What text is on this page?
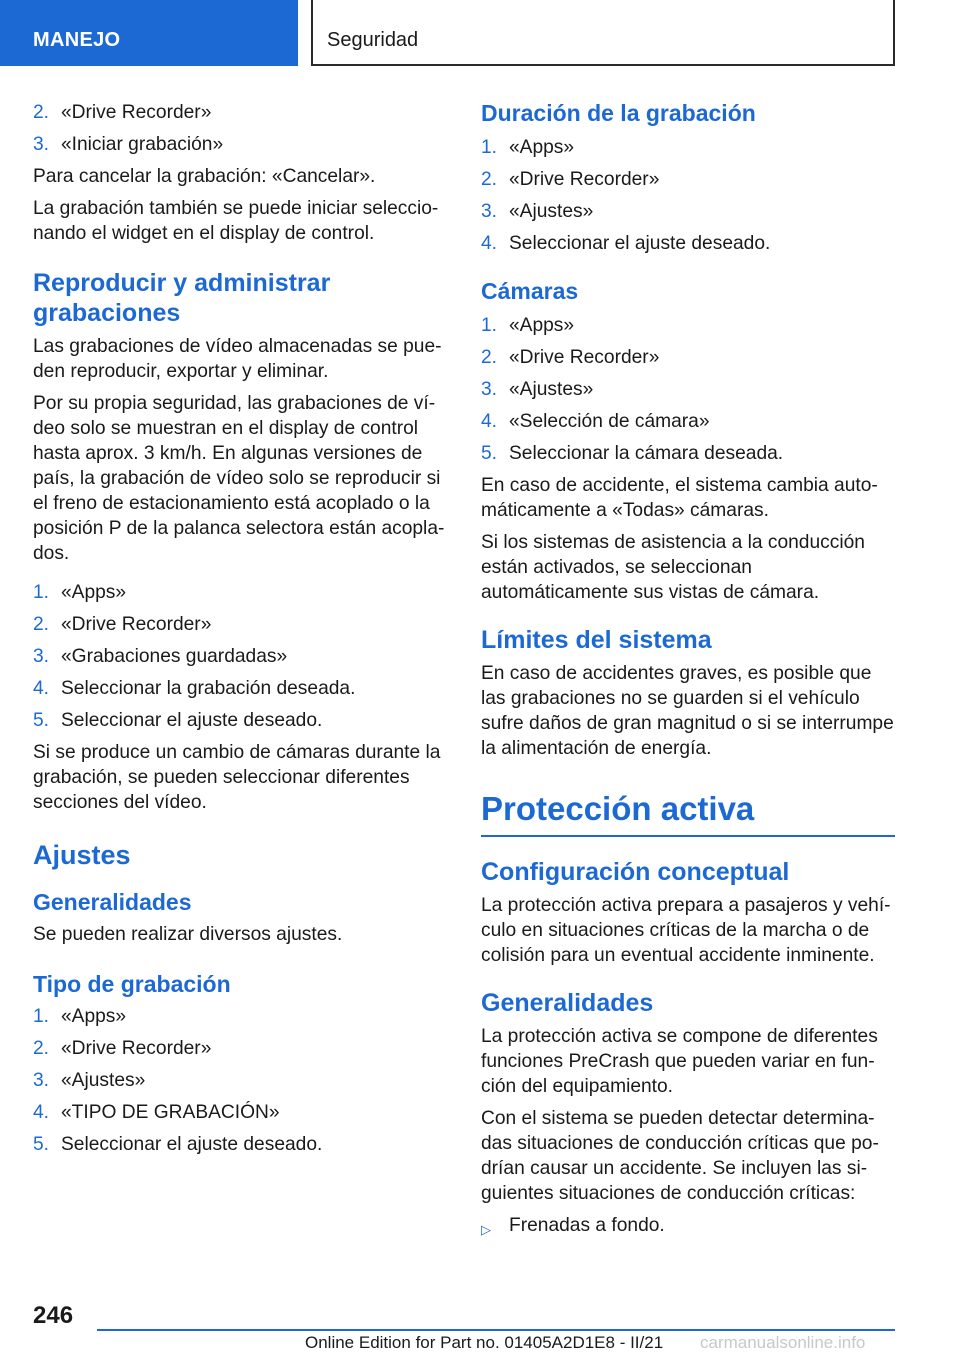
MANEJO	Seguridad
2. «Drive Recorder»
3. «Iniciar grabación»

Para cancelar la grabación: «Cancelar».

La grabación también se puede iniciar seleccionando el widget en el display de control.

Reproducir y administrar grabaciones

Las grabaciones de vídeo almacenadas se pueden reproducir, exportar y eliminar.

Por su propia seguridad, las grabaciones de vídeo solo se muestran en el display de control hasta aprox. 3 km/h. En algunas versiones de país, la grabación de vídeo solo se reproducir si el freno de estacionamiento está acoplado o la posición P de la palanca selectora están acoplados.

1. «Apps»
2. «Drive Recorder»
3. «Grabaciones guardadas»
4. Seleccionar la grabación deseada.
5. Seleccionar el ajuste deseado.

Si se produce un cambio de cámaras durante la grabación, se pueden seleccionar diferentes secciones del vídeo.

Ajustes
Generalidades

Se pueden realizar diversos ajustes.

Tipo de grabación
1. «Apps»
2. «Drive Recorder»
3. «Ajustes»
4. «TIPO DE GRABACIÓN»
5. Seleccionar el ajuste deseado.
Duración de la grabación
1. «Apps»
2. «Drive Recorder»
3. «Ajustes»
4. Seleccionar el ajuste deseado.
Cámaras
1. «Apps»
2. «Drive Recorder»
3. «Ajustes»
4. «Selección de cámara»
5. Seleccionar la cámara deseada.

En caso de accidente, el sistema cambia automáticamente a «Todas» cámaras.

Si los sistemas de asistencia a la conducción están activados, se seleccionan automáticamente sus vistas de cámara.

Límites del sistema

En caso de accidentes graves, es posible que las grabaciones no se guarden si el vehículo sufre daños de gran magnitud o si se interrumpe la alimentación de energía.

Protección activa
Configuración conceptual

La protección activa prepara a pasajeros y vehículo en situaciones críticas de la marcha o de colisión para un eventual accidente inminente.

Generalidades

La protección activa se compone de diferentes funciones PreCrash que pueden variar en función del equipamiento.

Con el sistema se pueden detectar determinadas situaciones de conducción críticas que podrían causar un accidente. Se incluyen las siguientes situaciones de conducción críticas:

▷ Frenadas a fondo.
246
Online Edition for Part no. 01405A2D1E8 - II/21 carmanualsonline.info
